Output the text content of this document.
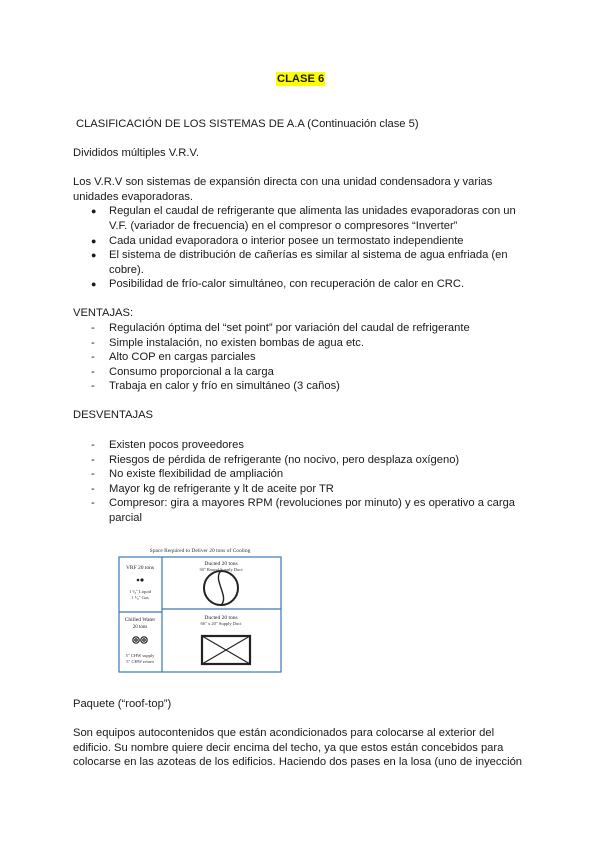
CLASE 6
CLASIFICACIÓN DE LOS SISTEMAS DE A.A (Continuación clase 5)
Divididos múltiples V.R.V.
Los V.R.V son sistemas de expansión directa con una unidad condensadora y varias
unidades evaporadoras.
● Regulan el caudal de refrigerante que alimenta las unidades evaporadoras con un
V.F. (variador de frecuencia) en el compresor o compresores “Inverter”
● Cada unidad evaporadora o interior posee un termostato independiente
● El sistema de distribución de cañerías es similar al sistema de agua enfriada (en
cobre).
● Posibilidad de frío-calor simultáneo, con recuperación de calor en CRC.
VENTAJAS:
- Regulación óptima del “set point” por variación del caudal de refrigerante
- Simple instalación, no existen bombas de agua etc.
- Alto COP en cargas parciales
- Consumo proporcional a la carga
- Trabaja en calor y frío en simultáneo (3 caños)
DESVENTAJAS
- Existen pocos proveedores
- Riesgos de pérdida de refrigerante (no nocivo, pero desplaza oxígeno)
- No existe flexibilidad de ampliación
- Mayor kg de refrigerante y lt de aceite por TR
- Compresor: gira a mayores RPM (revoluciones por minuto) y es operativo a carga
parcial
Space Required to Deliver 20 tons of Cooling
VRF 20 tons
1 ¹⁄₈" Liquid
1 ⁵⁄₈" Gas
Chilled Water
20 tons
5" CHW supply
5" CHW return
Ducted 20 tons
30" Round Supply Duct
Ducted 20 tons
66" x 20" Supply Duct
Paquete (“roof-top”)
Son equipos autocontenidos que están acondicionados para colocarse al exterior del
edificio. Su nombre quiere decir encima del techo, ya que estos están concebidos para
colocarse en las azoteas de los edificios. Haciendo dos pases en la losa (uno de inyección
